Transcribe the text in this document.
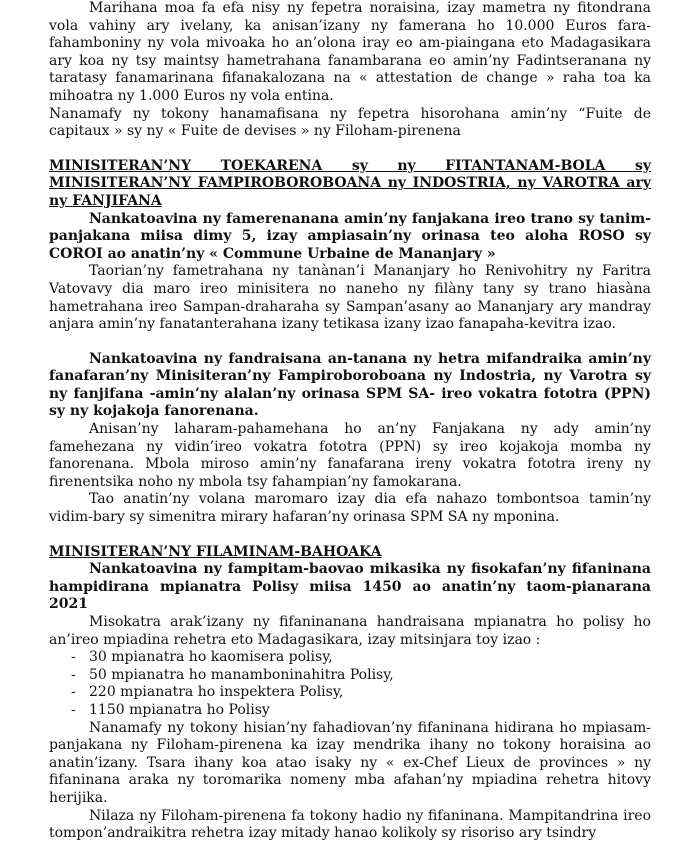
Marihana moa fa efa nisy ny fepetra noraisina, izay mametra ny fitondrana vola vahiny ary ivelany, ka anisan’izany ny famerana ho 10.000 Euros fara-fahamboniny ny vola mivoaka ho an’olona iray eo am-piaingana eto Madagasikara ary koa ny tsy maintsy hametrahana fanambarana eo amin’ny Fadintseranana ny taratasy fanamarinana fifanakalozana na « attestation de change » raha toa ka mihoatra ny 1.000 Euros ny vola entina.

Nanamafy ny tokony hanamafisana ny fepetra hisorohana amin’ny “Fuite de capitaux » sy ny « Fuite de devises » ny Filoham-pirenena

MINISITERAN’NY TOEKARENA sy ny FITANTANAM-BOLA sy

MINISITERAN’NY FAMPIROBOROBOANA ny INDOSTRIA, ny VAROTRA ary

ny FANJIFANA

Nankatoavina ny famerenanana amin’ny fanjakana ireo trano sy tanim-panjakana miisa dimy 5, izay ampiasain’ny orinasa teo aloha ROSO sy COROI ao anatin’ny « Commune Urbaine de Mananjary »

Taorian’ny fametrahana ny tanànan’i Mananjary ho Renivohitry ny Faritra Vatovavy dia maro ireo minisitera no naneho ny filàny tany sy trano hiasàna hametrahana ireo Sampan-draharaha sy Sampan’asany ao Mananjary ary mandray anjara amin’ny fanatanterahana izany tetikasa izany izao fanapaha-kevitra izao.

Nankatoavina ny fandraisana an-tanana ny hetra mifandraika amin’ny fanafaran’ny Minisiteran’ny Fampiroboroboana ny Indostria, ny Varotra sy ny fanjifana -amin’ny alalan’ny orinasa SPM SA- ireo vokatra fototra (PPN) sy ny kojakoja fanorenana.

Anisan’ny laharam-pahamehana ho an’ny Fanjakana ny ady amin’ny famehezana ny vidin’ireo vokatra fototra (PPN) sy ireo kojakoja momba ny fanorenana. Mbola miroso amin’ny fanafarana ireny vokatra fototra ireny ny firenentsika noho ny mbola tsy fahampian’ny famokarana.

Tao anatin’ny volana maromaro izay dia efa nahazo tombontsoa tamin’ny vidim-bary sy simenitra mirary hafaran’ny orinasa SPM SA ny mponina.

MINISITERAN’NY FILAMINAM-BAHOAKA

Nankatoavina ny fampitam-baovao mikasika ny fisokafan’ny fifaninana hampidirana mpianatra Polisy miisa 1450 ao anatin’ny taom-pianarana 2021

Misokatra arak’izany ny fifaninanana handraisana mpianatra ho polisy ho an’ireo mpiadina rehetra eto Madagasikara, izay mitsinjara toy izao :

- 30 mpianatra ho kaomisera polisy,
- 50 mpianatra ho manamboninahitra Polisy,
- 220 mpianatra ho inspektera Polisy,
- 1150 mpianatra ho Polisy

Nanamafy ny tokony hisian’ny fahadiovan’ny fifaninana hidirana ho mpiasam-panjakana ny Filoham-pirenena ka izay mendrika ihany no tokony horaisina ao anatin’izany. Tsara ihany koa atao isaky ny « ex-Chef Lieux de provinces » ny fifaninana araka ny toromarika nomeny mba afahan’ny mpiadina rehetra hitovy herijika.

Nilaza ny Filoham-pirenena fa tokony hadio ny fifaninana. Mampitandrina ireo tompon’andraikitra rehetra izay mitady hanao kolikoly sy risoriso ary tsindry
